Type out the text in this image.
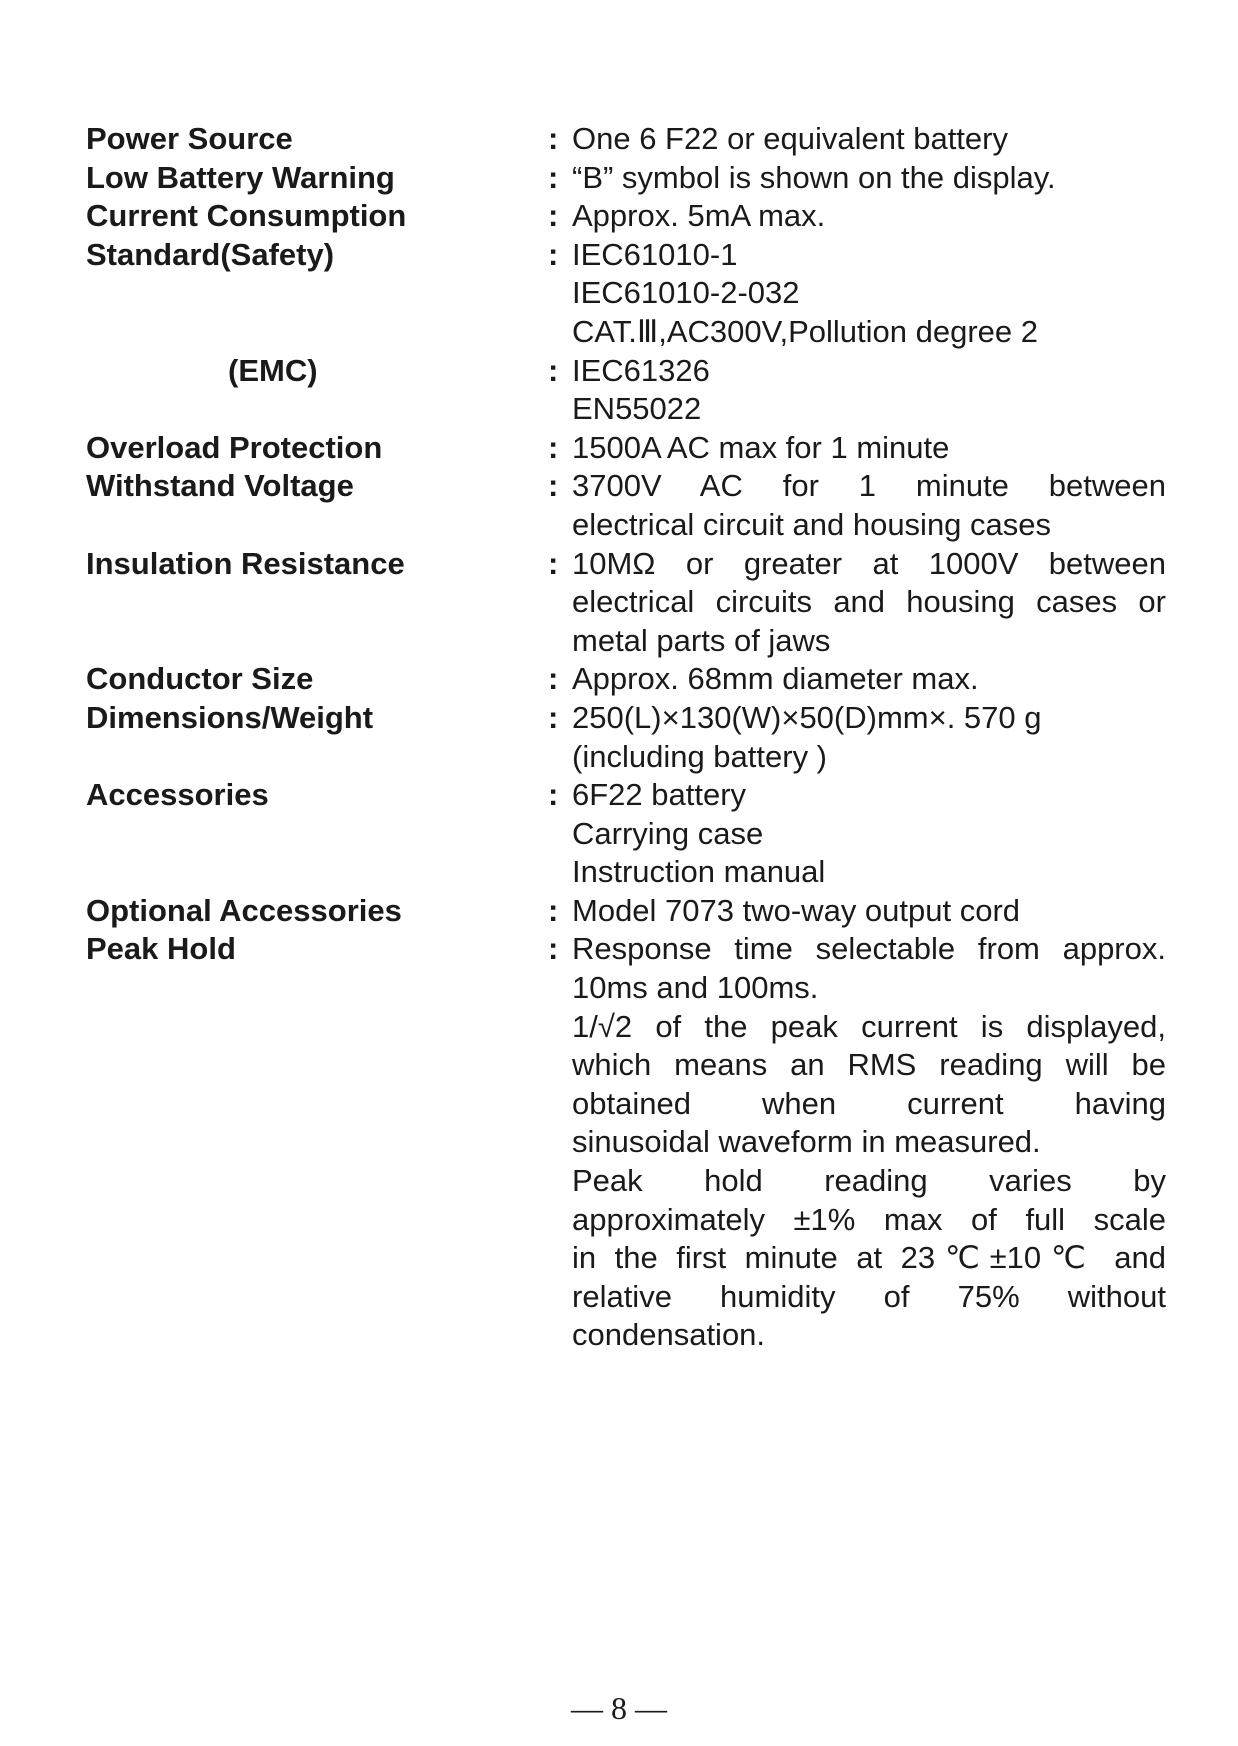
Power Source	: One 6 F22 or equivalent battery
Low Battery Warning	: “B” symbol is shown on the display.
Current Consumption	: Approx. 5mA max.
Standard(Safety)	: IEC61010-1
IEC61010-2-032
CAT.Ⅲ,AC300V,Pollution degree 2
(EMC)	: IEC61326
EN55022
Overload Protection	: 1500A AC max for 1 minute
Withstand Voltage	: 3700V AC for 1 minute between
electrical circuit and housing cases
Insulation Resistance	: 10MΩ or greater at 1000V between
electrical circuits and housing cases or
metal parts of jaws
Conductor Size	: Approx. 68mm diameter max.
Dimensions/Weight	: 250(L)×130(W)×50(D)mm×. 570 g
(including battery )
Accessories	: 6F22 battery
Carrying case
Instruction manual
Optional Accessories	: Model 7073 two-way output cord
Peak Hold	: Response time selectable from approx.
10ms and 100ms.
1/√2 of the peak current is displayed,
which means an RMS reading will be
obtained when current having
sinusoidal waveform in measured.
Peak hold reading varies by
approximately ±1% max of full scale
in the first minute at 23℃±10℃ and
relative humidity of 75% without
condensation.
— 8 —
